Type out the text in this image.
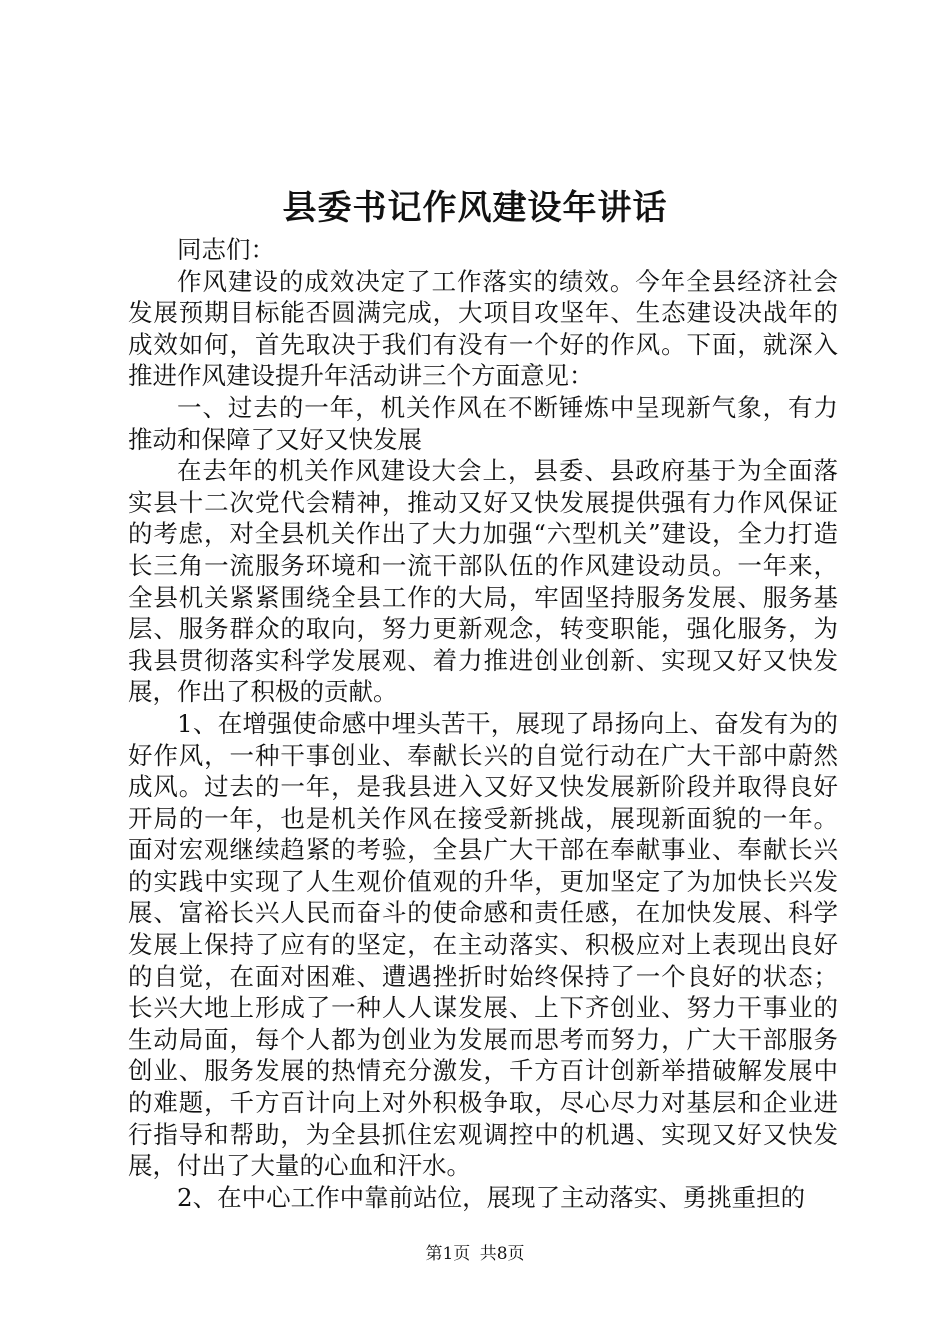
县委书记作风建设年讲话

同志们：

作风建设的成效决定了工作落实的绩效。今年全县经济社会发展预期目标能否圆满完成，大项目攻坚年、生态建设决战年的成效如何，首先取决于我们有没有一个好的作风。下面，就深入推进作风建设提升年活动讲三个方面意见：

一、过去的一年，机关作风在不断锤炼中呈现新气象，有力推动和保障了又好又快发展

在去年的机关作风建设大会上，县委、县政府基于为全面落实县十二次党代会精神，推动又好又快发展提供强有力作风保证的考虑，对全县机关作出了大力加强“六型机关”建设，全力打造长三角一流服务环境和一流干部队伍的作风建设动员。一年来，全县机关紧紧围绕全县工作的大局，牢固坚持服务发展、服务基层、服务群众的取向，努力更新观念，转变职能，强化服务，为我县贯彻落实科学发展观、着力推进创业创新、实现又好又快发展，作出了积极的贡献。

1、在增强使命感中埋头苦干，展现了昂扬向上、奋发有为的好作风，一种干事创业、奉献长兴的自觉行动在广大干部中蔚然成风。过去的一年，是我县进入又好又快发展新阶段并取得良好开局的一年，也是机关作风在接受新挑战，展现新面貌的一年。面对宏观继续趋紧的考验，全县广大干部在奉献事业、奉献长兴的实践中实现了人生观价值观的升华，更加坚定了为加快长兴发展、富裕长兴人民而奋斗的使命感和责任感，在加快发展、科学发展上保持了应有的坚定，在主动落实、积极应对上表现出良好的自觉，在面对困难、遭遇挫折时始终保持了一个良好的状态；长兴大地上形成了一种人人谋发展、上下齐创业、努力干事业的生动局面，每个人都为创业为发展而思考而努力，广大干部服务创业、服务发展的热情充分激发，千方百计创新举措破解发展中的难题，千方百计向上对外积极争取，尽心尽力对基层和企业进行指导和帮助，为全县抓住宏观调控中的机遇、实现又好又快发展，付出了大量的心血和汗水。

2、在中心工作中靠前站位，展现了主动落实、勇挑重担的

第1页 共8页
